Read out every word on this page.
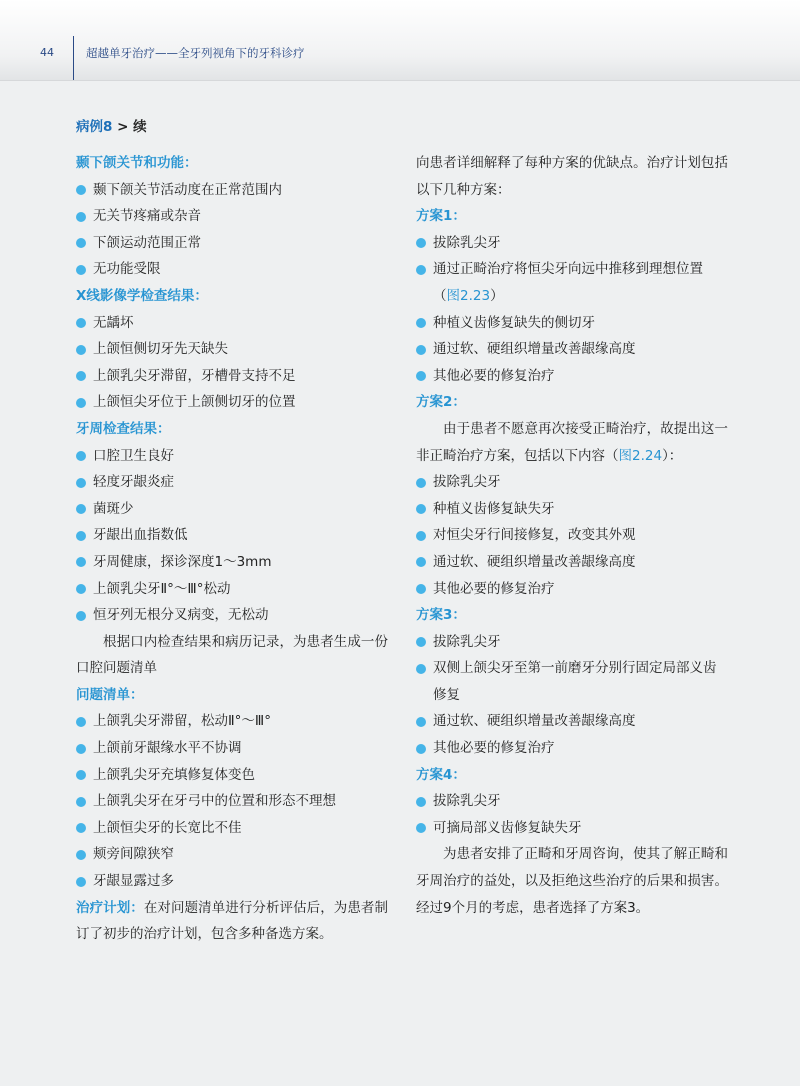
44	超越单牙治疗——全牙列视角下的牙科诊疗
病例8 > 续
颞下颌关节和功能：
颞下颌关节活动度在正常范围内
无关节疼痛或杂音
下颌运动范围正常
无功能受限
X线影像学检查结果：
无龋坏
上颌恒侧切牙先天缺失
上颌乳尖牙滞留，牙槽骨支持不足
上颌恒尖牙位于上颌侧切牙的位置
牙周检查结果：
口腔卫生良好
轻度牙龈炎症
菌斑少
牙龈出血指数低
牙周健康，探诊深度1～3mm
上颌乳尖牙Ⅱ°～Ⅲ°松动
恒牙列无根分叉病变，无松动
根据口内检查结果和病历记录，为患者生成一份口腔问题清单
问题清单：
上颌乳尖牙滞留，松动Ⅱ°～Ⅲ°
上颌前牙龈缘水平不协调
上颌乳尖牙充填修复体变色
上颌乳尖牙在牙弓中的位置和形态不理想
上颌恒尖牙的长宽比不佳
颊旁间隙狭窄
牙龈显露过多
治疗计划：在对问题清单进行分析评估后，为患者制订了初步的治疗计划，包含多种备选方案。
向患者详细解释了每种方案的优缺点。治疗计划包括以下几种方案：
方案1：
拔除乳尖牙
通过正畸治疗将恒尖牙向远中推移到理想位置（图2.23）
种植义齿修复缺失的侧切牙
通过软、硬组织增量改善龈缘高度
其他必要的修复治疗
方案2：
由于患者不愿意再次接受正畸治疗，故提出这一非正畸治疗方案，包括以下内容（图2.24）：
拔除乳尖牙
种植义齿修复缺失牙
对恒尖牙行间接修复，改变其外观
通过软、硬组织增量改善龈缘高度
其他必要的修复治疗
方案3：
拔除乳尖牙
双侧上颌尖牙至第一前磨牙分别行固定局部义齿修复
通过软、硬组织增量改善龈缘高度
其他必要的修复治疗
方案4：
拔除乳尖牙
可摘局部义齿修复缺失牙
为患者安排了正畸和牙周咨询，使其了解正畸和牙周治疗的益处，以及拒绝这些治疗的后果和损害。经过9个月的考虑，患者选择了方案3。
